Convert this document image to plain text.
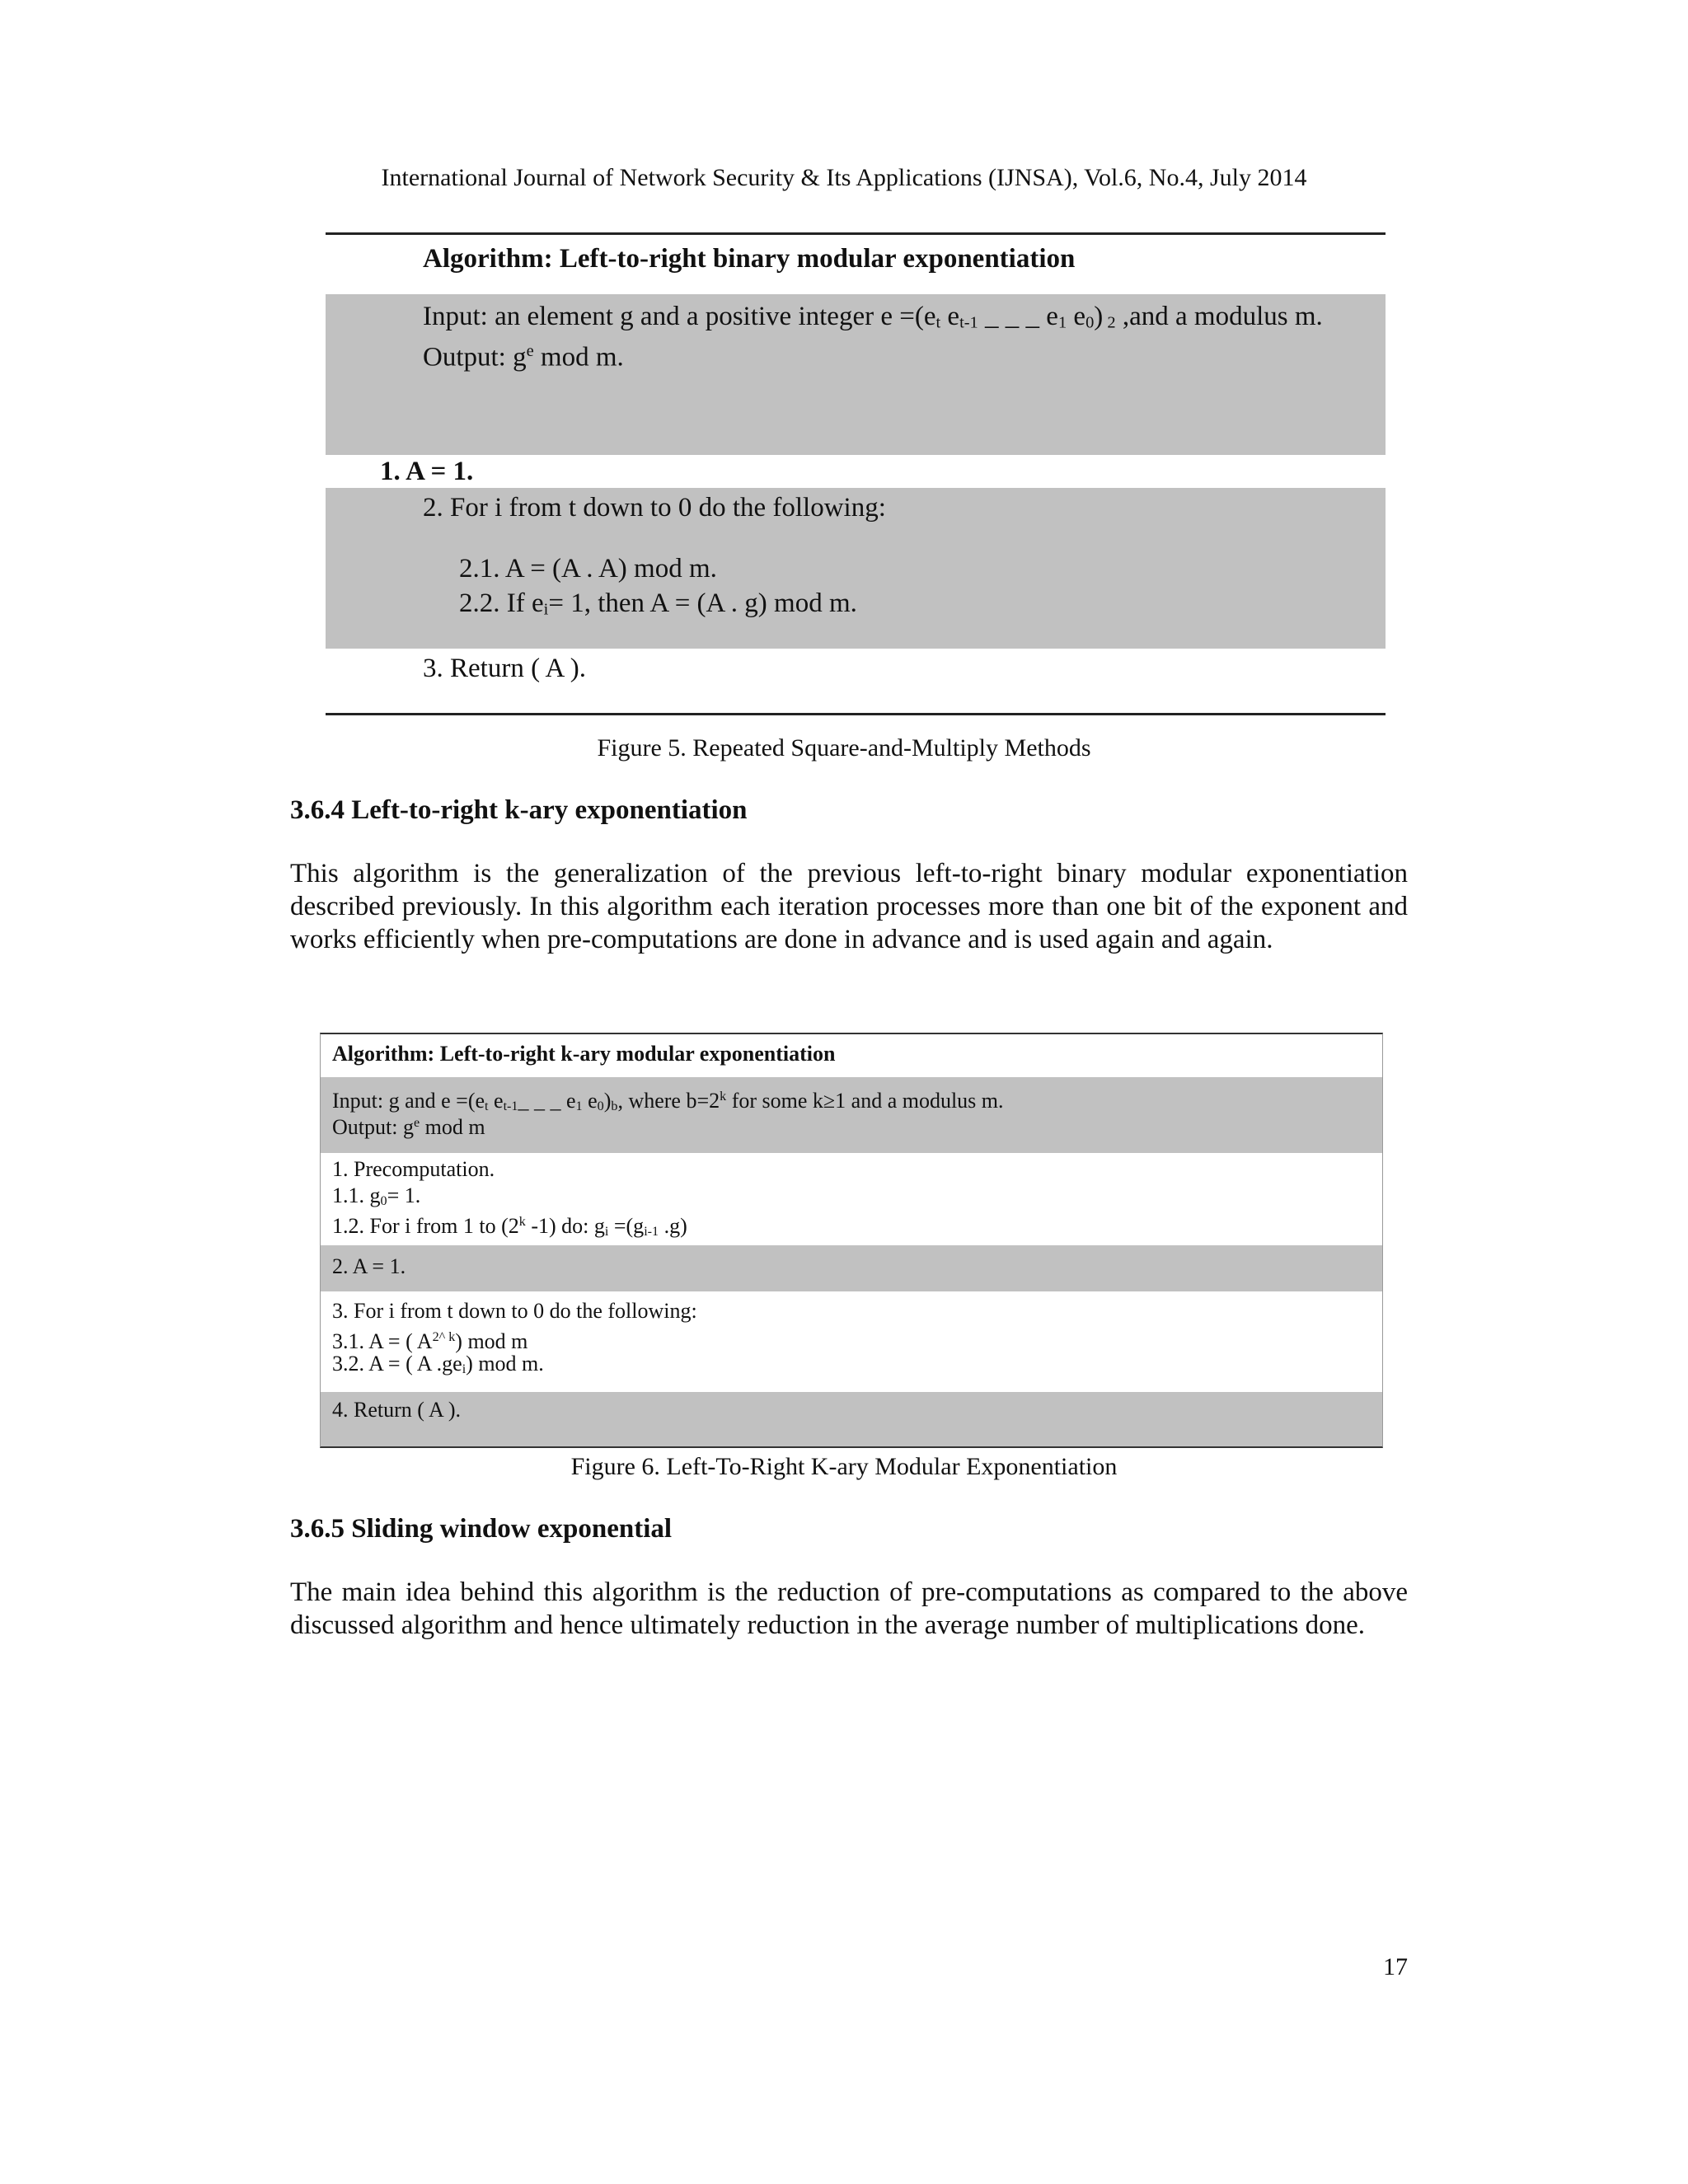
International Journal of Network Security & Its Applications (IJNSA), Vol.6, No.4, July 2014
Algorithm: Left-to-right binary modular exponentiation
Input: an element g and a positive integer $e =(e_t$ $e_{t-1}$ _ _ _ $e_1$ $e_0$) $_2$ ,and a modulus m.
Output: $g^e$ mod m.
1. A = 1.
2. For i from t down to 0 do the following:
2.1. A = (A . A) mod m.
2.2. If $e_i= 1$, then A = (A . g) mod m.
3. Return ( A ).
Figure 5. Repeated Square-and-Multiply Methods
3.6.4 Left-to-right k-ary exponentiation

This algorithm is the generalization of the previous left-to-right binary modular exponentiation described previously. In this algorithm each iteration processes more than one bit of the exponent and works efficiently when pre-computations are done in advance and is used again and again.

Algorithm: Left-to-right k-ary modular exponentiation
Input: g and $e =(e_t$ $e_{t-1}\_$ _ _ $e_1$ $e_0)_b$, where $b=2^k$ for some k≥1 and a modulus m.
Output: $g^e$ mod m
1. Precomputation.
1.1. $g_0= 1$.
1.2. For i from 1 to (2$^k$ -1) do: $g_i =(g_{i-1}$ .g)
2. A = 1.
3. For i from t down to 0 do the following:
3.1. A = ( $A^{2\^{} k}$) mod m
3.2. A = ( A $.ge_i$) mod m.
4. Return ( A ).
Figure 6. Left-To-Right K-ary Modular Exponentiation
3.6.5 Sliding window exponential

The main idea behind this algorithm is the reduction of pre-computations as compared to the above discussed algorithm and hence ultimately reduction in the average number of multiplications done.

17
